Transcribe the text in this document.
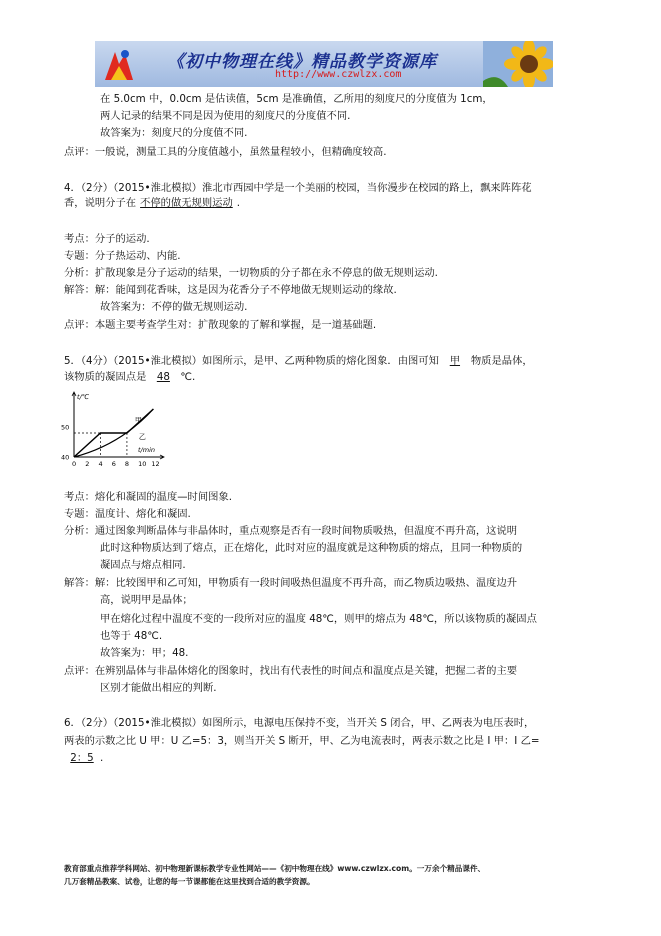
《初中物理在线》精品教学资源库
http://www.czwlzx.com
在 5.0cm 中，0.0cm 是估读值，5cm 是准确值，乙所用的刻度尺的分度值为 1cm，
两人记录的结果不同是因为使用的刻度尺的分度值不同.
故答案为：刻度尺的分度值不同.
点评：一般说，测量工具的分度值越小，虽然量程较小，但精确度较高.
4．（2分）（2015•淮北模拟）淮北市西园中学是一个美丽的校园，当你漫步在校园的路上，飘来阵阵花
香，说明分子在 不停的做无规则运动 .
考点：分子的运动.
专题：分子热运动、内能.
分析：扩散现象是分子运动的结果，一切物质的分子都在永不停息的做无规则运动.
解答：解：能闻到花香味，这是因为花香分子不停地做无规则运动的缘故.
故答案为：不停的做无规则运动.
点评：本题主要考查学生对：扩散现象的了解和掌握，是一道基础题.
5．（4分）（2015•淮北模拟）如图所示，是甲、乙两种物质的熔化图象．由图可知 甲 物质是晶体，
该物质的凝固点是 48 ℃.
甲
乙
40
50
0 2 4 6 8 10 12
t/℃
t/min
考点：熔化和凝固的温度—时间图象.
专题：温度计、熔化和凝固.
分析：通过图象判断晶体与非晶体时，重点观察是否有一段时间物质吸热，但温度不再升高，这说明
此时这种物质达到了熔点，正在熔化，此时对应的温度就是这种物质的熔点，且同一种物质的
凝固点与熔点相同.
解答：解：比较图甲和乙可知，甲物质有一段时间吸热但温度不再升高，而乙物质边吸热、温度边升
高，说明甲是晶体；
甲在熔化过程中温度不变的一段所对应的温度 48℃，则甲的熔点为 48℃，所以该物质的凝固点
也等于 48℃.
故答案为：甲；48.
点评：在辨别晶体与非晶体熔化的图象时，找出有代表性的时间点和温度点是关键，把握二者的主要
区别才能做出相应的判断.
6．（2分）（2015•淮北模拟）如图所示，电源电压保持不变，当开关 S 闭合，甲、乙两表为电压表时，
两表的示数之比 U 甲：U 乙=5：3，则当开关 S 断开，甲、乙为电流表时，两表示数之比是 I 甲：I 乙=
2：5 .
教育部重点推荐学科网站、初中物理新课标教学专业性网站——《初中物理在线》www.czwlzx.com。一万余个精品课件、
几万套精品教案、试卷，让您的每一节课都能在这里找到合适的教学资源。
